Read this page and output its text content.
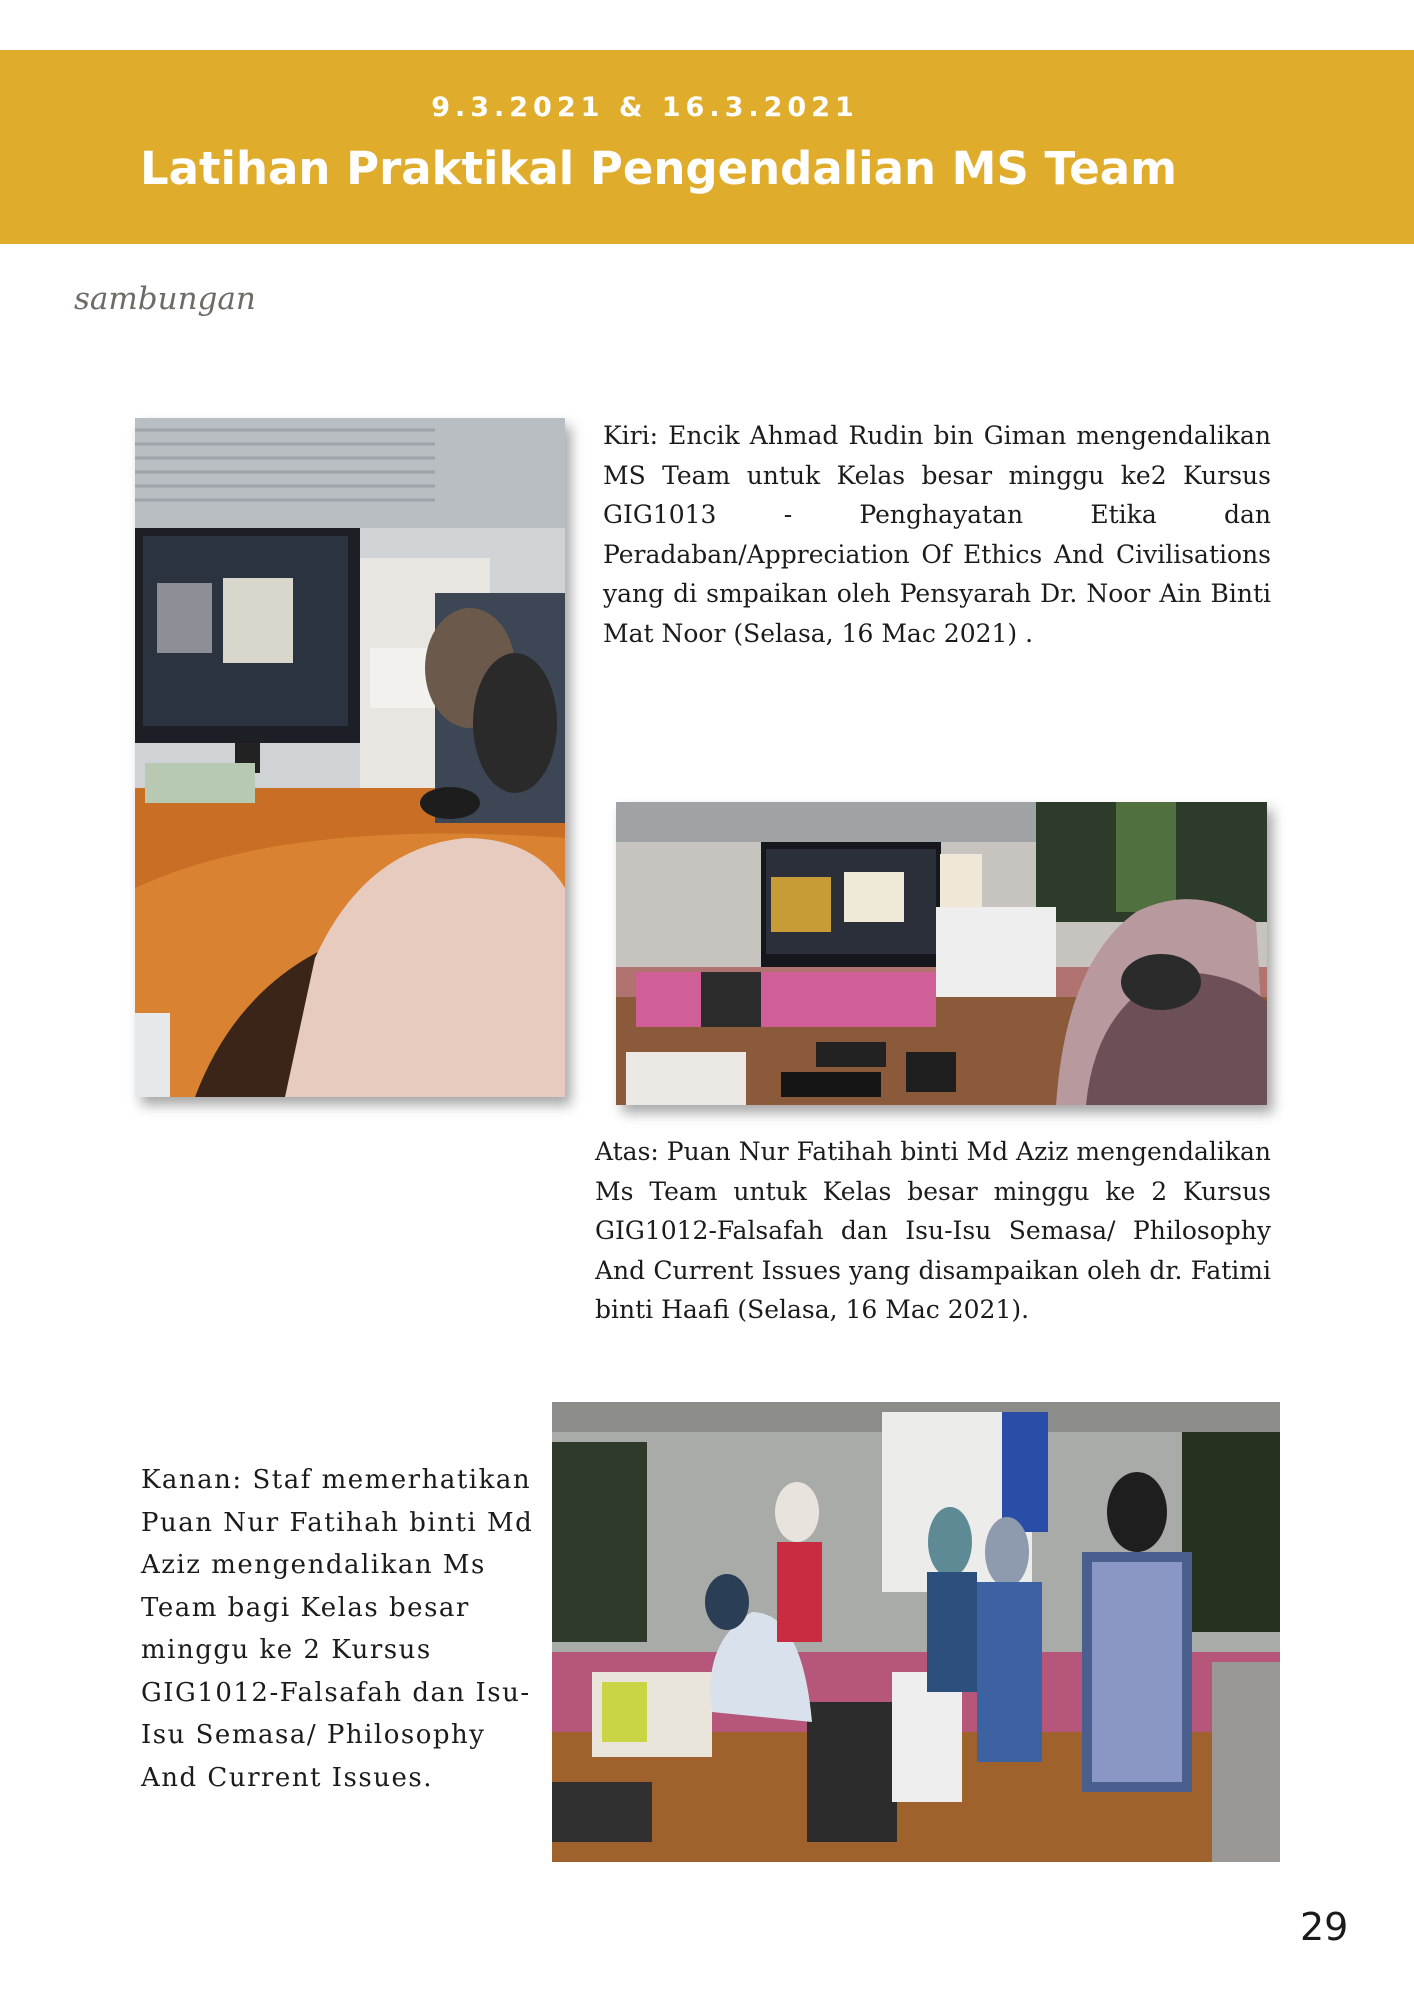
9.3.2021 & 16.3.2021
Latihan Praktikal Pengendalian MS Team
sambungan
Kiri: Encik Ahmad Rudin bin Giman mengendalikan MS Team untuk Kelas besar minggu ke2 Kursus GIG1013 - Penghayatan Etika dan Peradaban/Appreciation Of Ethics And Civilisations yang di smpaikan oleh Pensyarah Dr. Noor Ain Binti Mat Noor (Selasa, 16 Mac 2021) .
Atas: Puan Nur Fatihah binti Md Aziz mengendalikan Ms Team untuk Kelas besar minggu ke 2 Kursus GIG1012-Falsafah dan Isu-Isu Semasa/ Philosophy And Current Issues yang disampaikan oleh dr. Fatimi binti Haafi (Selasa, 16 Mac 2021).
Kanan: Staf memerhatikan Puan Nur Fatihah binti Md Aziz mengendalikan Ms Team bagi Kelas besar minggu ke 2 Kursus GIG1012-Falsafah dan Isu-Isu Semasa/ Philosophy And Current Issues.
29
